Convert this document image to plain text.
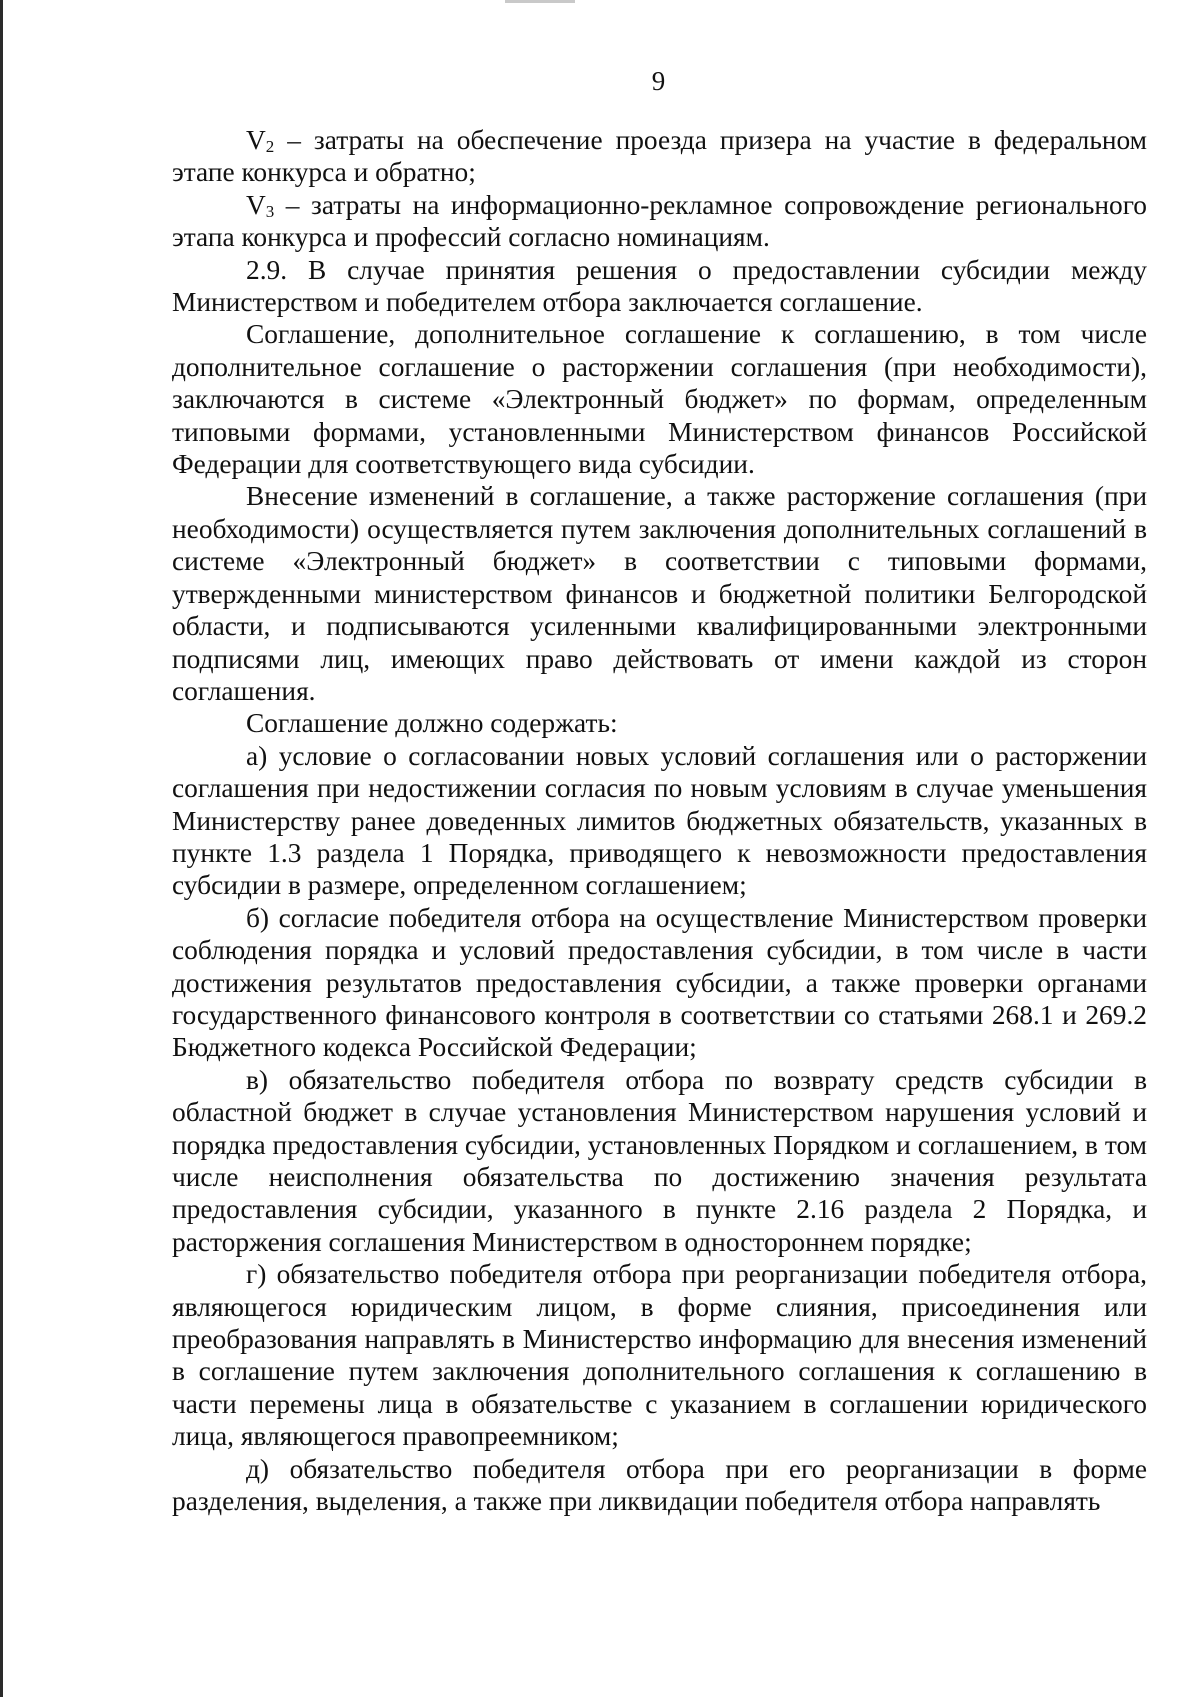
9

$V_2$ – затраты на обеспечение проезда призера на участие в федеральном этапе конкурса и обратно;

$V_3$ – затраты на информационно-рекламное сопровождение регионального этапа конкурса и профессий согласно номинациям.

2.9. В случае принятия решения о предоставлении субсидии между Министерством и победителем отбора заключается соглашение.

Соглашение, дополнительное соглашение к соглашению, в том числе дополнительное соглашение о расторжении соглашения (при необходимости), заключаются в системе «Электронный бюджет» по формам, определенным типовыми формами, установленными Министерством финансов Российской Федерации для соответствующего вида субсидии.

Внесение изменений в соглашение, а также расторжение соглашения (при необходимости) осуществляется путем заключения дополнительных соглашений в системе «Электронный бюджет» в соответствии с типовыми формами, утвержденными министерством финансов и бюджетной политики Белгородской области, и подписываются усиленными квалифицированными электронными подписями лиц, имеющих право действовать от имени каждой из сторон соглашения.

Соглашение должно содержать:

а) условие о согласовании новых условий соглашения или о расторжении соглашения при недостижении согласия по новым условиям в случае уменьшения Министерству ранее доведенных лимитов бюджетных обязательств, указанных в пункте 1.3 раздела 1 Порядка, приводящего к невозможности предоставления субсидии в размере, определенном соглашением;

б) согласие победителя отбора на осуществление Министерством проверки соблюдения порядка и условий предоставления субсидии, в том числе в части достижения результатов предоставления субсидии, а также проверки органами государственного финансового контроля в соответствии со статьями 268.1 и 269.2 Бюджетного кодекса Российской Федерации;

в) обязательство победителя отбора по возврату средств субсидии в областной бюджет в случае установления Министерством нарушения условий и порядка предоставления субсидии, установленных Порядком и соглашением, в том числе неисполнения обязательства по достижению значения результата предоставления субсидии, указанного в пункте 2.16 раздела 2 Порядка, и расторжения соглашения Министерством в одностороннем порядке;

г) обязательство победителя отбора при реорганизации победителя отбора, являющегося юридическим лицом, в форме слияния, присоединения или преобразования направлять в Министерство информацию для внесения изменений в соглашение путем заключения дополнительного соглашения к соглашению в части перемены лица в обязательстве с указанием в соглашении юридического лица, являющегося правопреемником;

д) обязательство победителя отбора при его реорганизации в форме разделения, выделения, а также при ликвидации победителя отбора направлять
